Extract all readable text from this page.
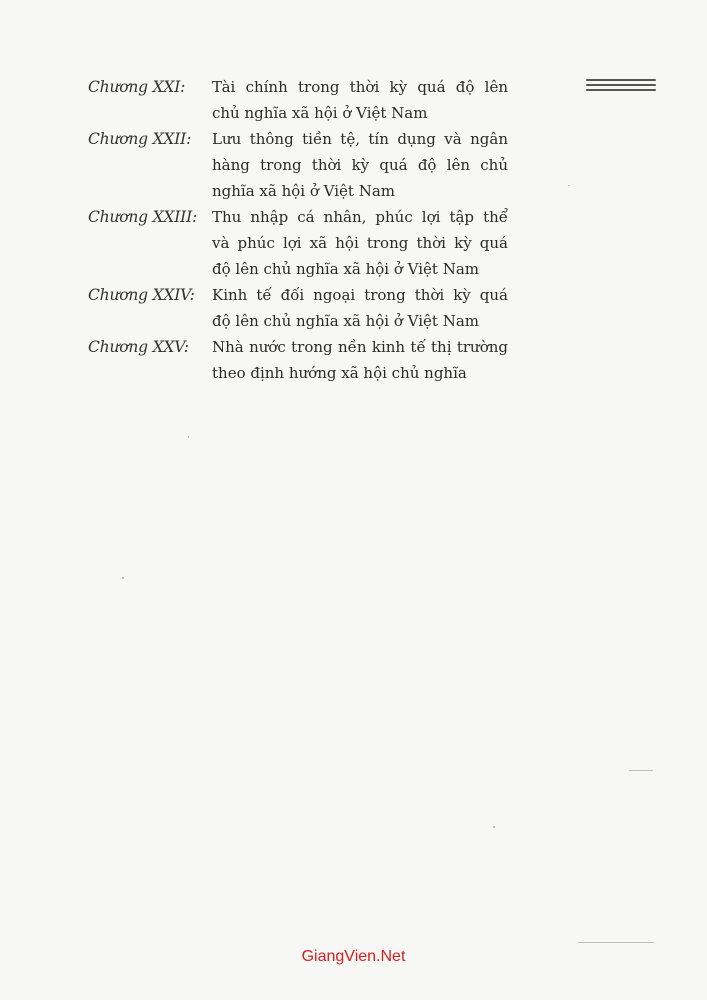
Chương XXI:	Tài chính trong thời kỳ quá độ lên
chủ nghĩa xã hội ở Việt Nam
Chương XXII:	Lưu thông tiền tệ, tín dụng và ngân
hàng trong thời kỳ quá độ lên chủ
nghĩa xã hội ở Việt Nam
Chương XXIII: Thu nhập cá nhân, phúc lợi tập thể
và phúc lợi xã hội trong thời kỳ quá
độ lên chủ nghĩa xã hội ở Việt Nam
Chương XXIV:	Kinh tế đối ngoại trong thời kỳ quá
độ lên chủ nghĩa xã hội ở Việt Nam
Chương XXV:	Nhà nước trong nền kinh tế thị trường
theo định hướng xã hội chủ nghĩa
GiangVien.Net
